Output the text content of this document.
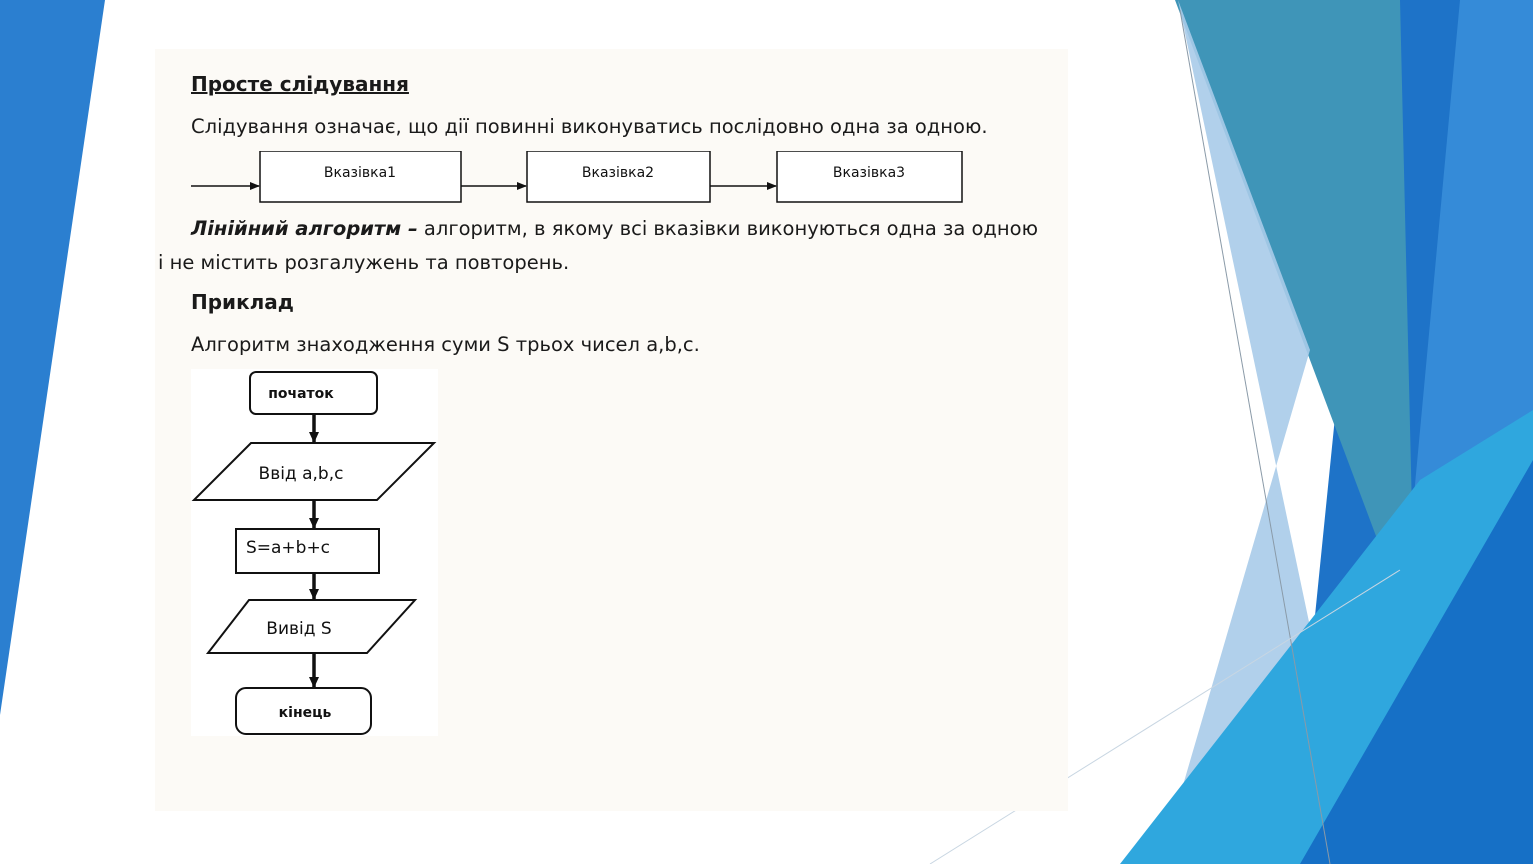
Просте слідування
Слідування означає, що дії повинні виконуватись послідовно одна за одною.
Вказівка1	Вказівка2	Вказівка3
Лінійний алгоритм – алгоритм, в якому всі вказівки виконуються одна за одною
і не містить розгалужень та повторень.
Приклад
Алгоритм знаходження суми S трьох чисел a,b,c.
початок
Ввід a,b,c
S=a+b+c
Вивід S
кінець
